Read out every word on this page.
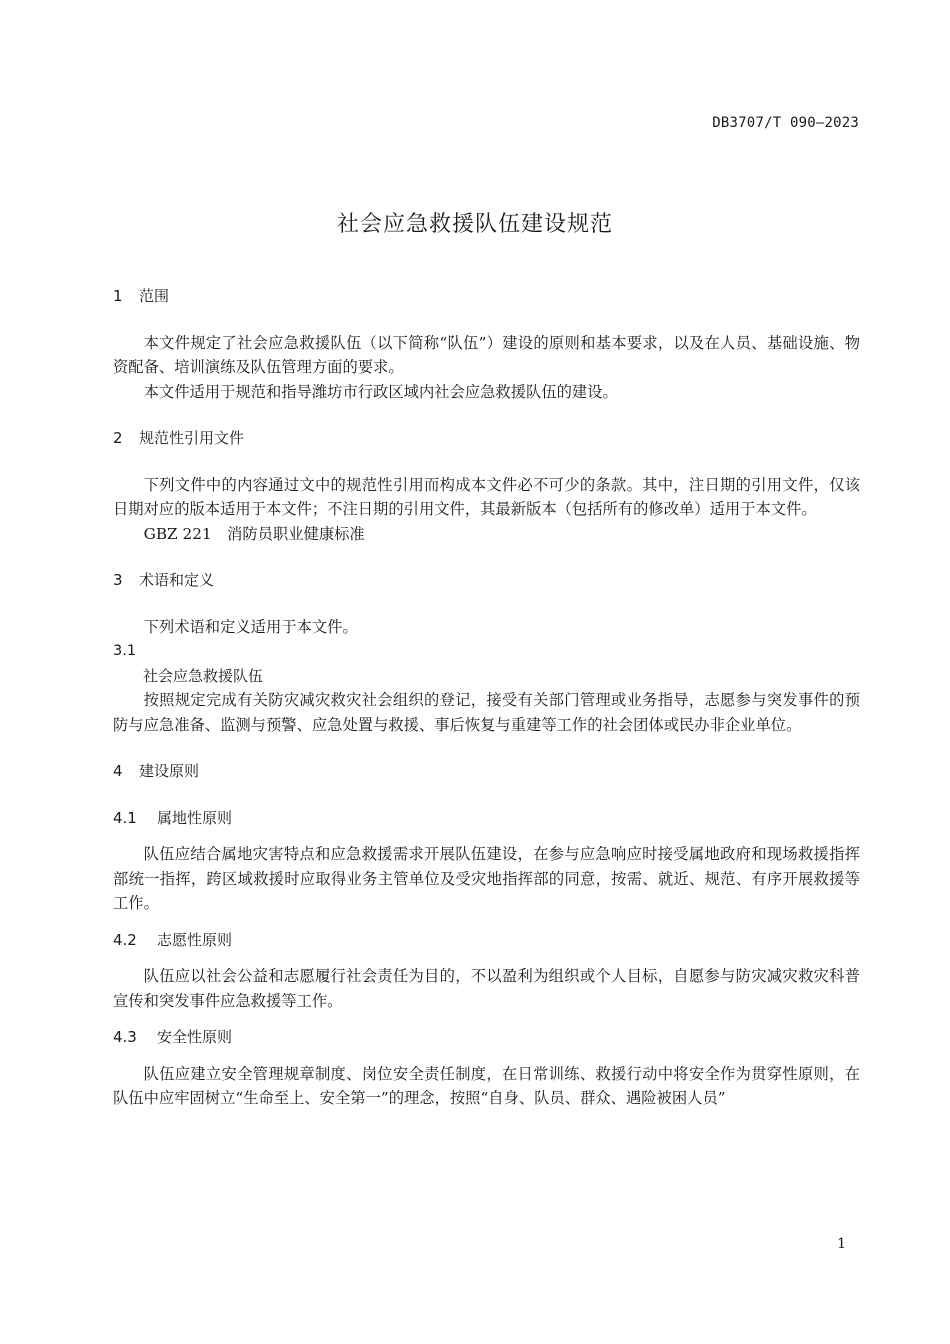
DB3707/T 090—2023
社会应急救援队伍建设规范
1	范围

本文件规定了社会应急救援队伍（以下简称“队伍”）建设的原则和基本要求，以及在人员、基础设施、物资配备、培训演练及队伍管理方面的要求。

本文件适用于规范和指导潍坊市行政区域内社会应急救援队伍的建设。

2	规范性引用文件

下列文件中的内容通过文中的规范性引用而构成本文件必不可少的条款。其中，注日期的引用文件，仅该日期对应的版本适用于本文件；不注日期的引用文件，其最新版本（包括所有的修改单）适用于本文件。

GBZ 221　消防员职业健康标准

3	术语和定义

下列术语和定义适用于本文件。

3.1

社会应急救援队伍

按照规定完成有关防灾减灾救灾社会组织的登记，接受有关部门管理或业务指导，志愿参与突发事件的预防与应急准备、监测与预警、应急处置与救援、事后恢复与重建等工作的社会团体或民办非企业单位。

4	建设原则
4.1	属地性原则

队伍应结合属地灾害特点和应急救援需求开展队伍建设，在参与应急响应时接受属地政府和现场救援指挥部统一指挥，跨区域救援时应取得业务主管单位及受灾地指挥部的同意，按需、就近、规范、有序开展救援等工作。

4.2	志愿性原则

队伍应以社会公益和志愿履行社会责任为目的，不以盈利为组织或个人目标，自愿参与防灾减灾救灾科普宣传和突发事件应急救援等工作。

4.3	安全性原则

队伍应建立安全管理规章制度、岗位安全责任制度，在日常训练、救援行动中将安全作为贯穿性原则，在队伍中应牢固树立“生命至上、安全第一”的理念，按照“自身、队员、群众、遇险被困人员”

1
